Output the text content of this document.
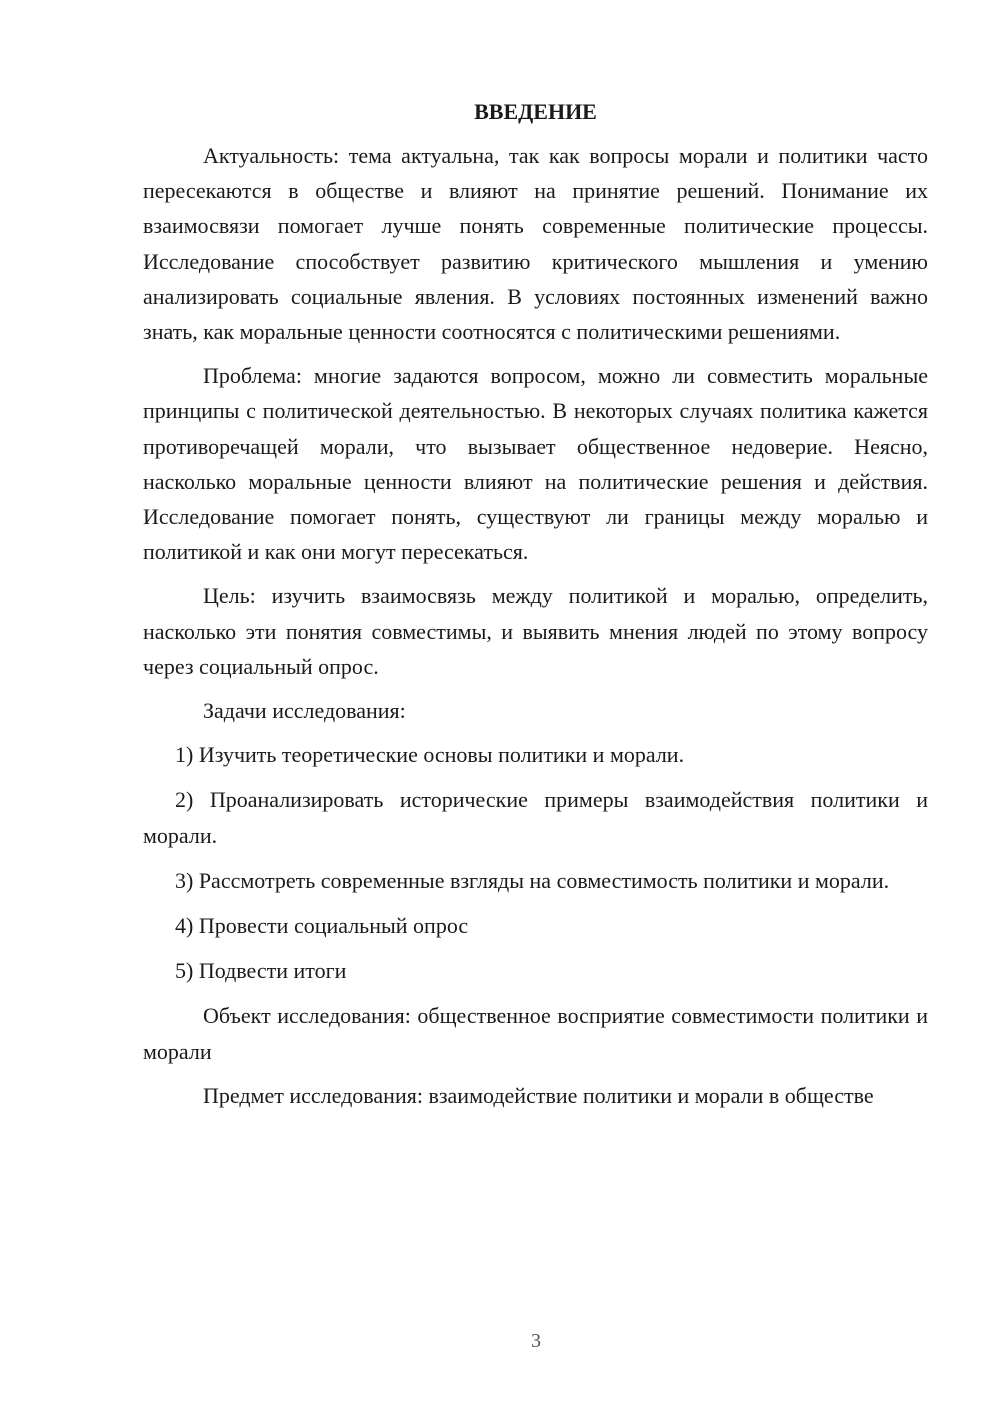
ВВЕДЕНИЕ

Актуальность: тема актуальна, так как вопросы морали и политики часто пересекаются в обществе и влияют на принятие решений. Понимание их взаимосвязи помогает лучше понять современные политические процессы. Исследование способствует развитию критического мышления и умению анализировать социальные явления. В условиях постоянных изменений важно знать, как моральные ценности соотносятся с политическими решениями.

Проблема: многие задаются вопросом, можно ли совместить моральные принципы с политической деятельностью. В некоторых случаях политика кажется противоречащей морали, что вызывает общественное недоверие. Неясно, насколько моральные ценности влияют на политические решения и действия. Исследование помогает понять, существуют ли границы между моралью и политикой и как они могут пересекаться.

Цель: изучить взаимосвязь между политикой и моралью, определить, насколько эти понятия совместимы, и выявить мнения людей по этому вопросу через социальный опрос.

Задачи исследования:

1) Изучить теоретические основы политики и морали.

2) Проанализировать исторические примеры взаимодействия политики и морали.

3) Рассмотреть современные взгляды на совместимость политики и морали.

4) Провести социальный опрос

5) Подвести итоги

Объект исследования: общественное восприятие совместимости политики и морали

Предмет исследования: взаимодействие политики и морали в обществе

3
